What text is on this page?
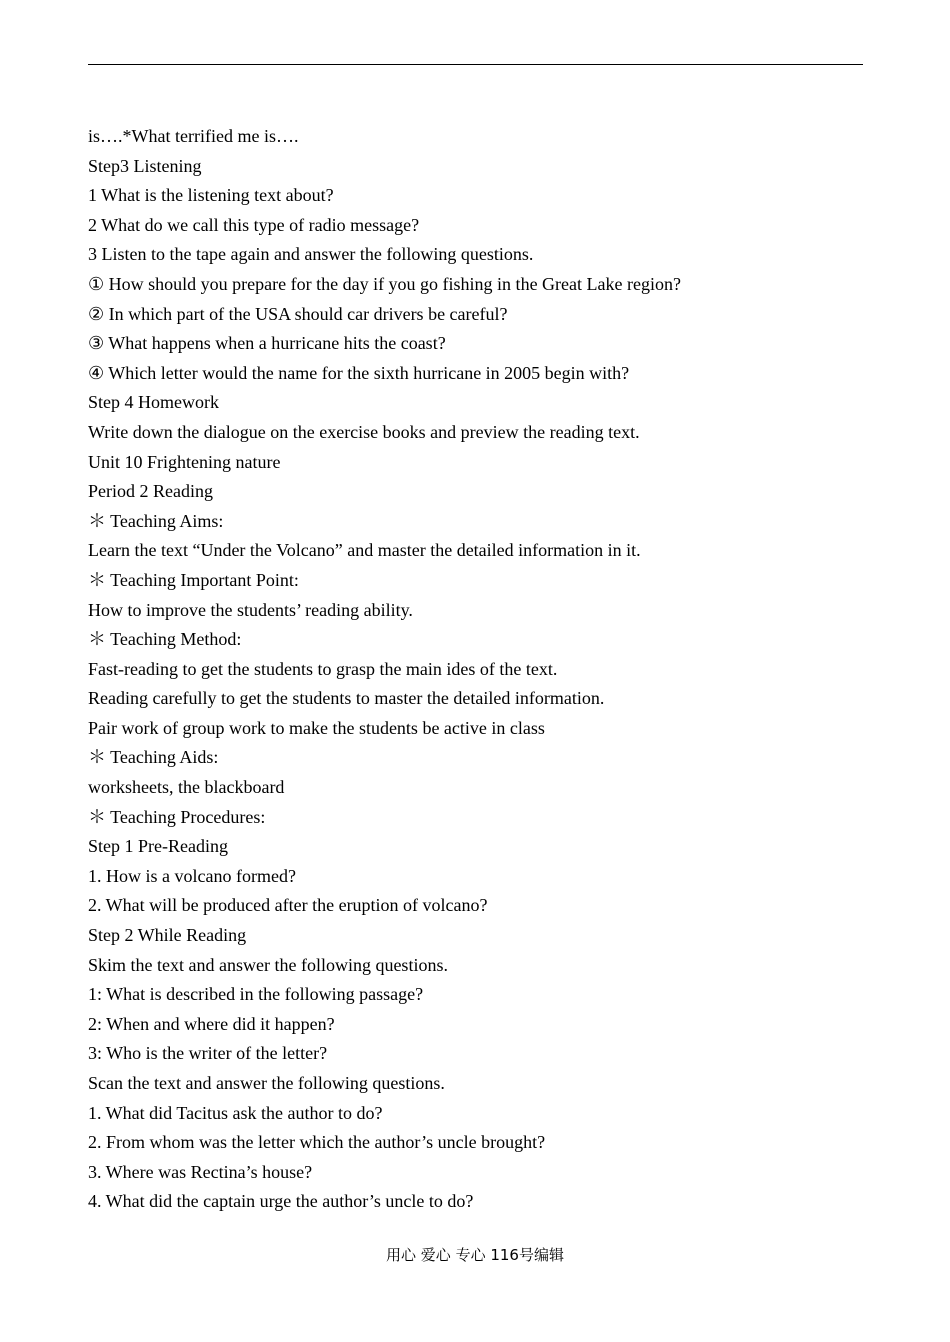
is….*What terrified me is….
Step3 Listening
1 What is the listening text about?
2 What do we call this type of radio message?
3 Listen to the tape again and answer the following questions.
① How should you prepare for the day if you go fishing in the Great Lake region?
② In which part of the USA should car drivers be careful?
③ What happens when a hurricane hits the coast?
④ Which letter would the name for the sixth hurricane in 2005 begin with?
Step 4 Homework
Write down the dialogue on the exercise books and preview the reading text.
Unit 10 Frightening nature
Period 2 Reading
＊ Teaching Aims:
Learn the text “Under the Volcano” and master the detailed information in it.
＊ Teaching Important Point:
How to improve the students’ reading ability.
＊ Teaching Method:
Fast-reading to get the students to grasp the main ides of the text.
Reading carefully to get the students to master the detailed information.
Pair work of group work to make the students be active in class
＊ Teaching Aids:
worksheets, the blackboard
＊ Teaching Procedures:
Step 1 Pre-Reading
1. How is a volcano formed?
2. What will be produced after the eruption of volcano?
Step 2 While Reading
Skim the text and answer the following questions.
1: What is described in the following passage?
2: When and where did it happen?
3: Who is the writer of the letter?
Scan the text and answer the following questions.
1. What did Tacitus ask the author to do?
2. From whom was the letter which the author’s uncle brought?
3. Where was Rectina’s house?
4. What did the captain urge the author’s uncle to do?
用心 爱心 专心 116号编辑
